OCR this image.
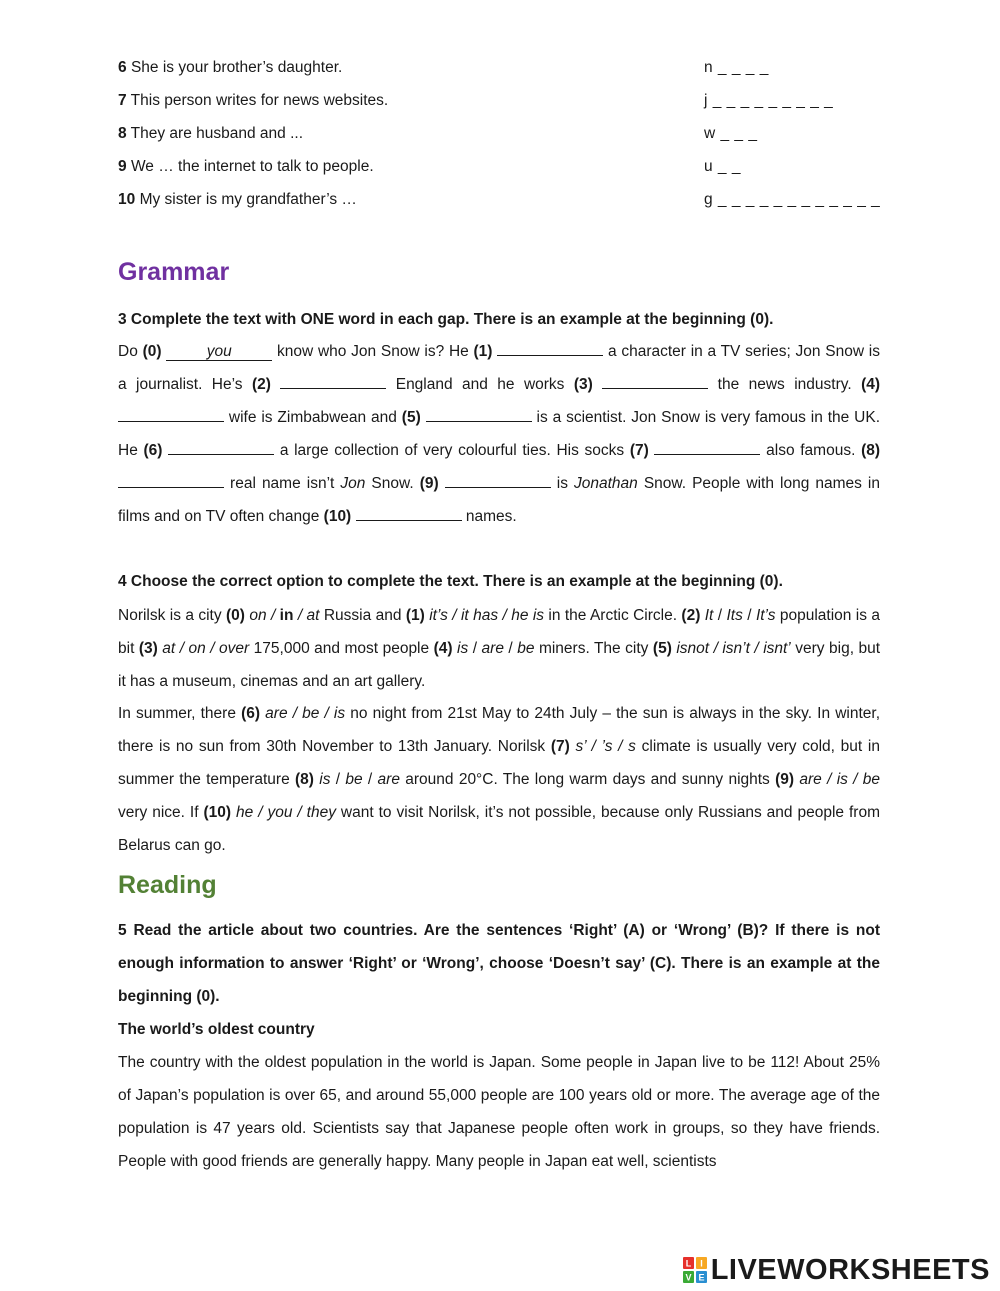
6 She is your brother’s daughter.	n _ _ _ _
7 This person writes for news websites.	j _ _ _ _ _ _ _ _ _
8 They are husband and ...	w _ _ _
9 We … the internet to talk to people.	u _ _
10 My sister is my grandfather’s …	g _ _ _ _ _ _ _ _ _ _ _ _
Grammar

3 Complete the text with ONE word in each gap. There is an example at the beginning (0).

Do (0)	you	know who Jon Snow is? He (1)	a character in a TV series; Jon Snow is a journalist. He’s (2)	England and he works (3)	the news industry. (4)  wife is Zimbabwean and (5)	is a scientist. Jon Snow is very famous in the UK. He (6)	a large collection of very colourful ties. His socks (7)	also famous. (8)  real name isn’t Jon Snow. (9)	is Jonathan Snow. People with long names in films and on TV often change (10)	names.

4 Choose the correct option to complete the text. There is an example at the beginning (0).

Norilsk is a city (0) on / in / at Russia and (1) it’s / it has / he is in the Arctic Circle. (2) It / Its / It’s population is a bit (3) at / on / over 175,000 and most people (4) is / are / be miners. The city (5) isnot / isn’t / isnt’ very big, but it has a museum, cinemas and an art gallery.

In summer, there (6) are / be / is no night from 21st May to 24th July – the sun is always in the sky. In winter, there is no sun from 30th November to 13th January. Norilsk (7) s’ / ’s / s climate is usually very cold, but in summer the temperature (8) is / be / are around 20°C. The long warm days and sunny nights (9) are / is / be very nice. If (10) he / you / they want to visit Norilsk, it’s not possible, because only Russians and people from Belarus can go.

Reading

5 Read the article about two countries. Are the sentences ‘Right’ (A) or ‘Wrong’ (B)? If there is not enough information to answer ‘Right’ or ‘Wrong’, choose ‘Doesn’t say’ (C). There is an example at the beginning (0).

The world’s oldest country

The country with the oldest population in the world is Japan. Some people in Japan live to be 112! About 25% of Japan’s population is over 65, and around 55,000 people are 100 years old or more. The average age of the population is 47 years old. Scientists say that Japanese people often work in groups, so they have friends. People with good friends are generally happy. Many people in Japan eat well, scientists

L I
V E LIVEWORKSHEETS
